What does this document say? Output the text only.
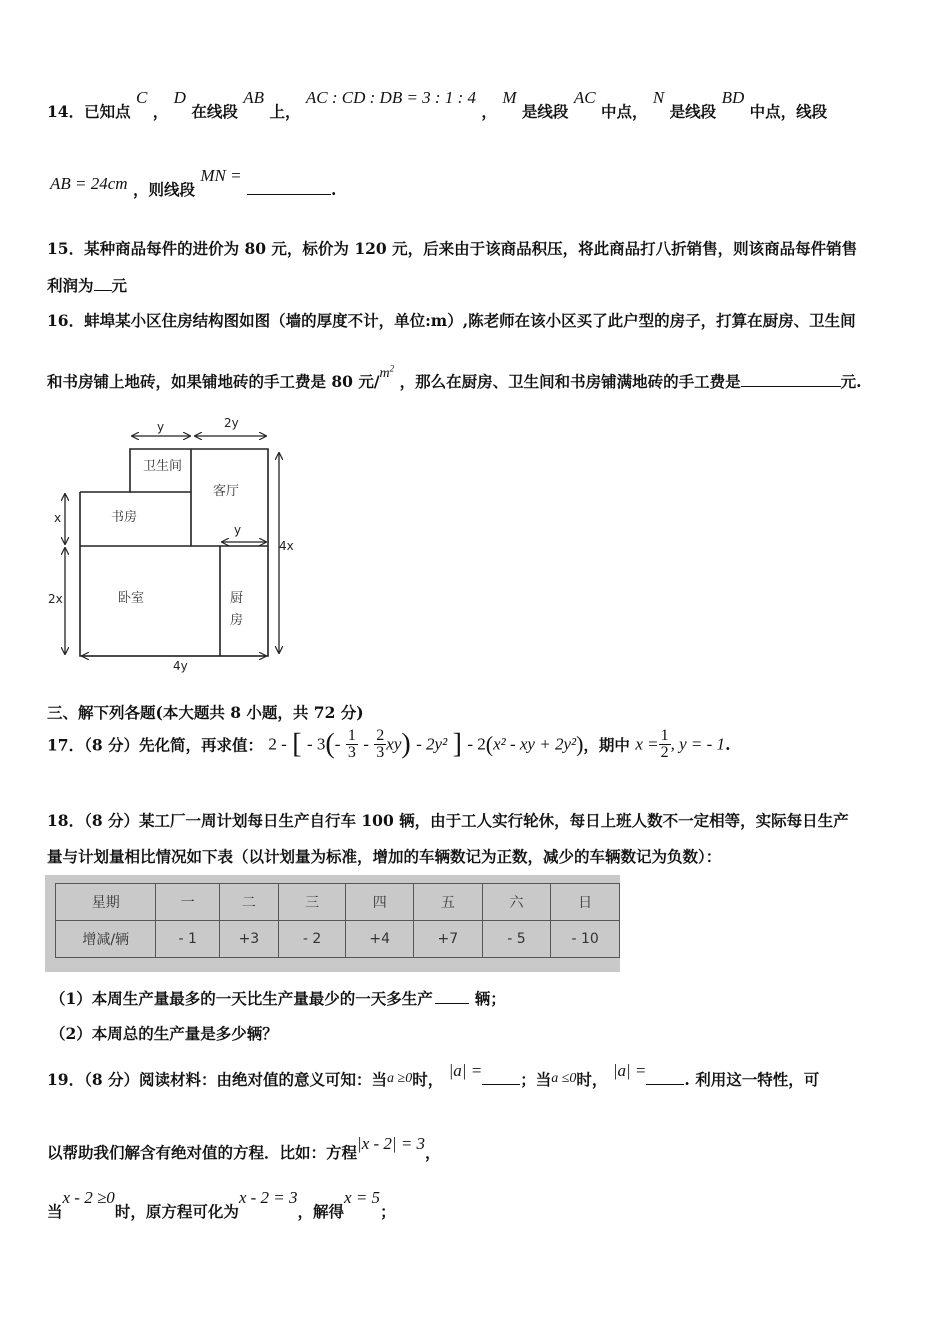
14．已知点 C ， D 在线段 AB 上， AC : CD : DB = 3 : 1 : 4 ， M 是线段 AC 中点， N 是线段 BD 中点，线段
AB = 24cm ，则线段 MN = .
15．某种商品每件的进价为 80 元，标价为 120 元，后来由于该商品积压，将此商品打八折销售，则该商品每件销售
利润为 元
16．蚌埠某小区住房结构图如图（墙的厚度不计，单位:m）,陈老师在该小区买了此户型的房子，打算在厨房、卫生间
和书房铺上地砖，如果铺地砖的手工费是 80 元$/m^2$ ，那么在厨房、卫生间和书房铺满地砖的手工费是	元.
y	2y
x
2x
4x
4y
y
卫生间
客厅
书房
卧室	厨
房
三、解下列各题(本大题共 8 小题，共 72 分)
17．（8 分）先化简，再求值： 2 - [ - $3(- \frac{1}{3} - \frac{2}{3} xy) - 2y^2$ ] - 2(x² - xy + 2y²)，期中 $x = \frac{1}{2}$ , y = - 1.
18．（8 分）某工厂一周计划每日生产自行车 100 辆，由于工人实行轮休，每日上班人数不一定相等，实际每日生产
量与计划量相比情况如下表（以计划量为标准，增加的车辆数记为正数，减少的车辆数记为负数）：
星期	一	二	三	四	五	六	日
增减/辆	- 1	+3	- 2	+4	+7	- 5	- 10
（1）本周生产量最多的一天比生产量最少的一天多生产	辆；
（2）本周总的生产量是多少辆？
19．（8 分）阅读材料：由绝对值的意义可知：当a ≥0时， |a| = ；当a ≤0时， |a| = . 利用这一特性，可
以帮助我们解含有绝对值的方程．比如：方程|x - 2| = 3，
当x - 2 ≥0时，原方程可化为x - 2 = 3，解得x = 5；
